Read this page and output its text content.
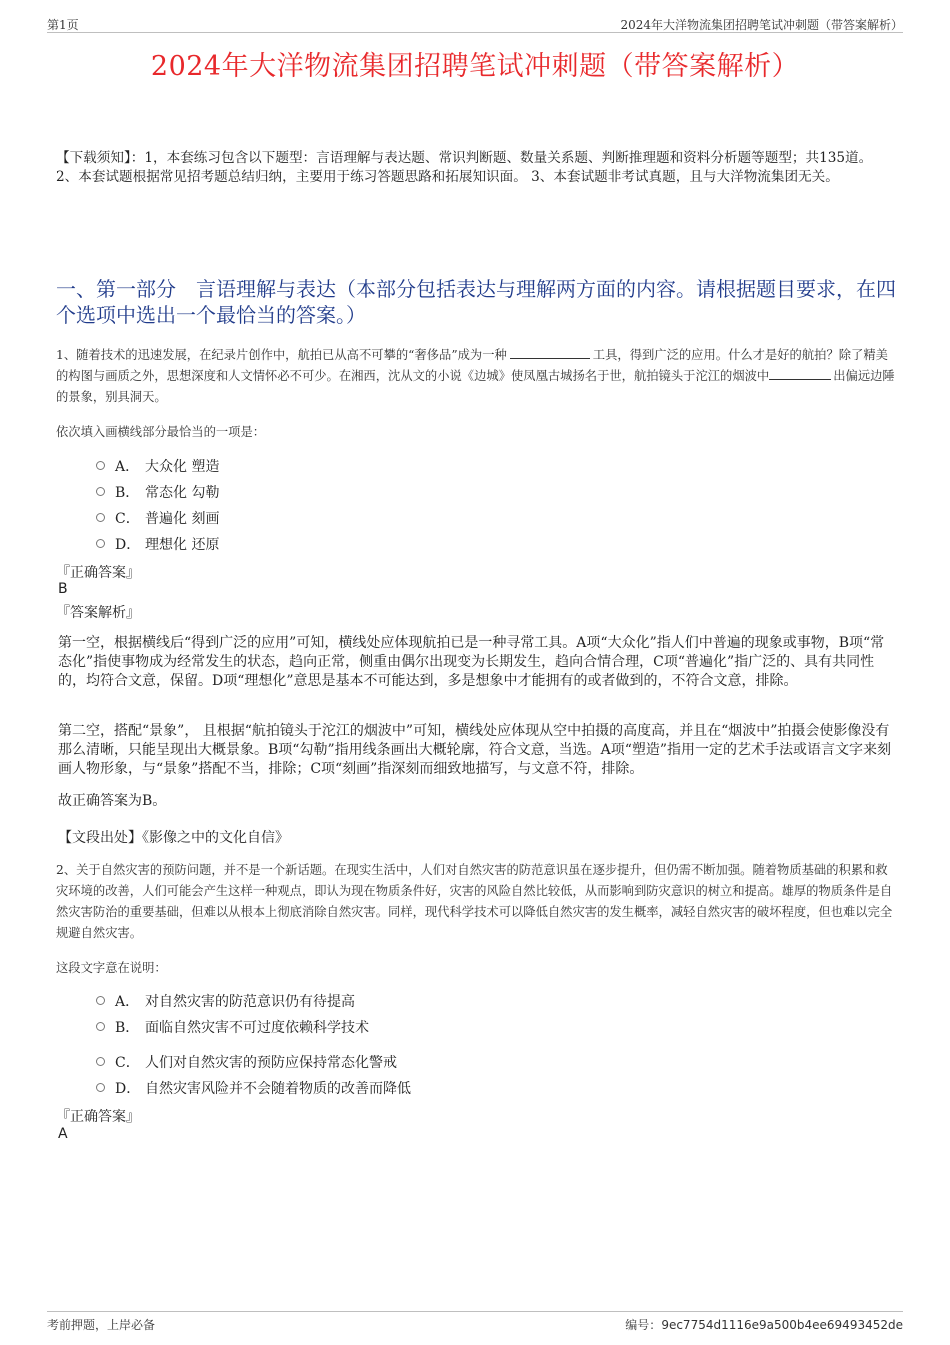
第1页	2024年大洋物流集团招聘笔试冲刺题（带答案解析）
2024年大洋物流集团招聘笔试冲刺题（带答案解析）
【下载须知】：1，本套练习包含以下题型：言语理解与表达题、常识判断题、数量关系题、判断推理题和资料分析题等题型；共135道。 2、本套试题根据常见招考题总结归纳，主要用于练习答题思路和拓展知识面。 3、本套试题非考试真题，且与大洋物流集团无关。
一、第一部分　言语理解与表达（本部分包括表达与理解两方面的内容。请根据题目要求，在四个选项中选出一个最恰当的答案。）
1、随着技术的迅速发展，在纪录片创作中，航拍已从高不可攀的“奢侈品”成为一种	工具，得到广泛的应用。什么才是好的航拍？除了精美的构图与画质之外，思想深度和人文情怀必不可少。在湘西，沈从文的小说《边城》使凤凰古城扬名于世，航拍镜头于沱江的烟波中	出偏远边陲的景象，别具洞天。
依次填入画横线部分最恰当的一项是：
A． 大众化 塑造
B． 常态化 勾勒
C． 普遍化 刻画
D． 理想化 还原
『正确答案』
B
『答案解析』
第一空，根据横线后“得到广泛的应用”可知，横线处应体现航拍已是一种寻常工具。A项“大众化”指人们中普遍的现象或事物，B项“常态化”指使事物成为经常发生的状态，趋向正常，侧重由偶尔出现变为长期发生，趋向合情合理，C项“普遍化”指广泛的、具有共同性的，均符合文意，保留。D项“理想化”意思是基本不可能达到，多是想象中才能拥有的或者做到的，不符合文意，排除。
第二空，搭配“景象”， 且根据“航拍镜头于沱江的烟波中”可知，横线处应体现从空中拍摄的高度高，并且在“烟波中”拍摄会使影像没有那么清晰，只能呈现出大概景象。B项“勾勒”指用线条画出大概轮廓，符合文意，当选。A项“塑造”指用一定的艺术手法或语言文字来刻画人物形象，与“景象”搭配不当，排除；C项“刻画”指深刻而细致地描写，与文意不符，排除。
故正确答案为B。
【文段出处】《影像之中的文化自信》
2、关于自然灾害的预防问题，并不是一个新话题。在现实生活中，人们对自然灾害的防范意识虽在逐步提升，但仍需不断加强。随着物质基础的积累和救灾环境的改善，人们可能会产生这样一种观点，即认为现在物质条件好，灾害的风险自然比较低，从而影响到防灾意识的树立和提高。雄厚的物质条件是自然灾害防治的重要基础，但难以从根本上彻底消除自然灾害。同样，现代科学技术可以降低自然灾害的发生概率，减轻自然灾害的破坏程度，但也难以完全规避自然灾害。
这段文字意在说明：
A． 对自然灾害的防范意识仍有待提高
B． 面临自然灾害不可过度依赖科学技术
C． 人们对自然灾害的预防应保持常态化警戒
D． 自然灾害风险并不会随着物质的改善而降低
『正确答案』
A
考前押题，上岸必备	编号：9ec7754d1116e9a500b4ee69493452de
